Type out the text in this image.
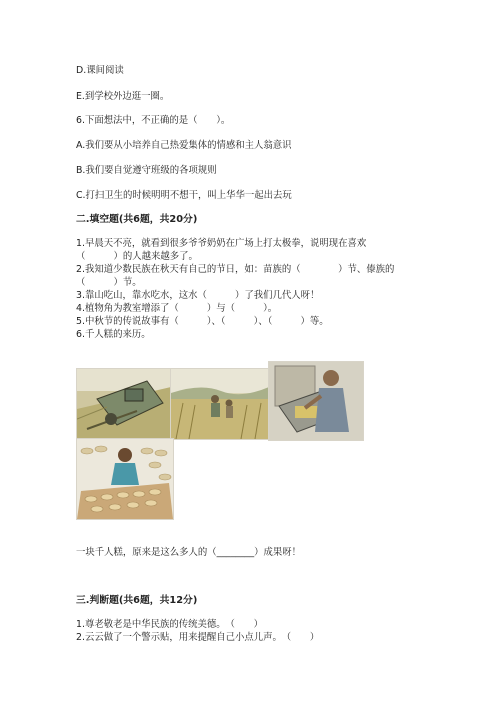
D.课间阅读
E.到学校外边逛一圈。
6.下面想法中，不正确的是（　　）。
A.我们要从小培养自己热爱集体的情感和主人翁意识
B.我们要自觉遵守班级的各项规则
C.打扫卫生的时候明明不想干，叫上华华一起出去玩
二.填空题(共6题，共20分)
1.早晨天不亮，就看到很多爷爷奶奶在广场上打太极拳，说明现在喜欢
（　　　）的人越来越多了。
2.我知道少数民族在秋天有自己的节日，如：苗族的（　　　　）节、傣族的
（　　　）节。
3.靠山吃山，靠水吃水，这水（　　　）了我们几代人呀！
4.植物角为教室增添了（　　　）与（　　　）。
5.中秋节的传说故事有（　　　）、（　　　）、（　　　）等。
6.千人糕的来历。
一块千人糕，原来是这么多人的（________）成果呀！
三.判断题(共6题，共12分)
1.尊老敬老是中华民族的传统美德。　（　　）
2.云云做了一个警示贴，用来提醒自己小点儿声。　（　　）
